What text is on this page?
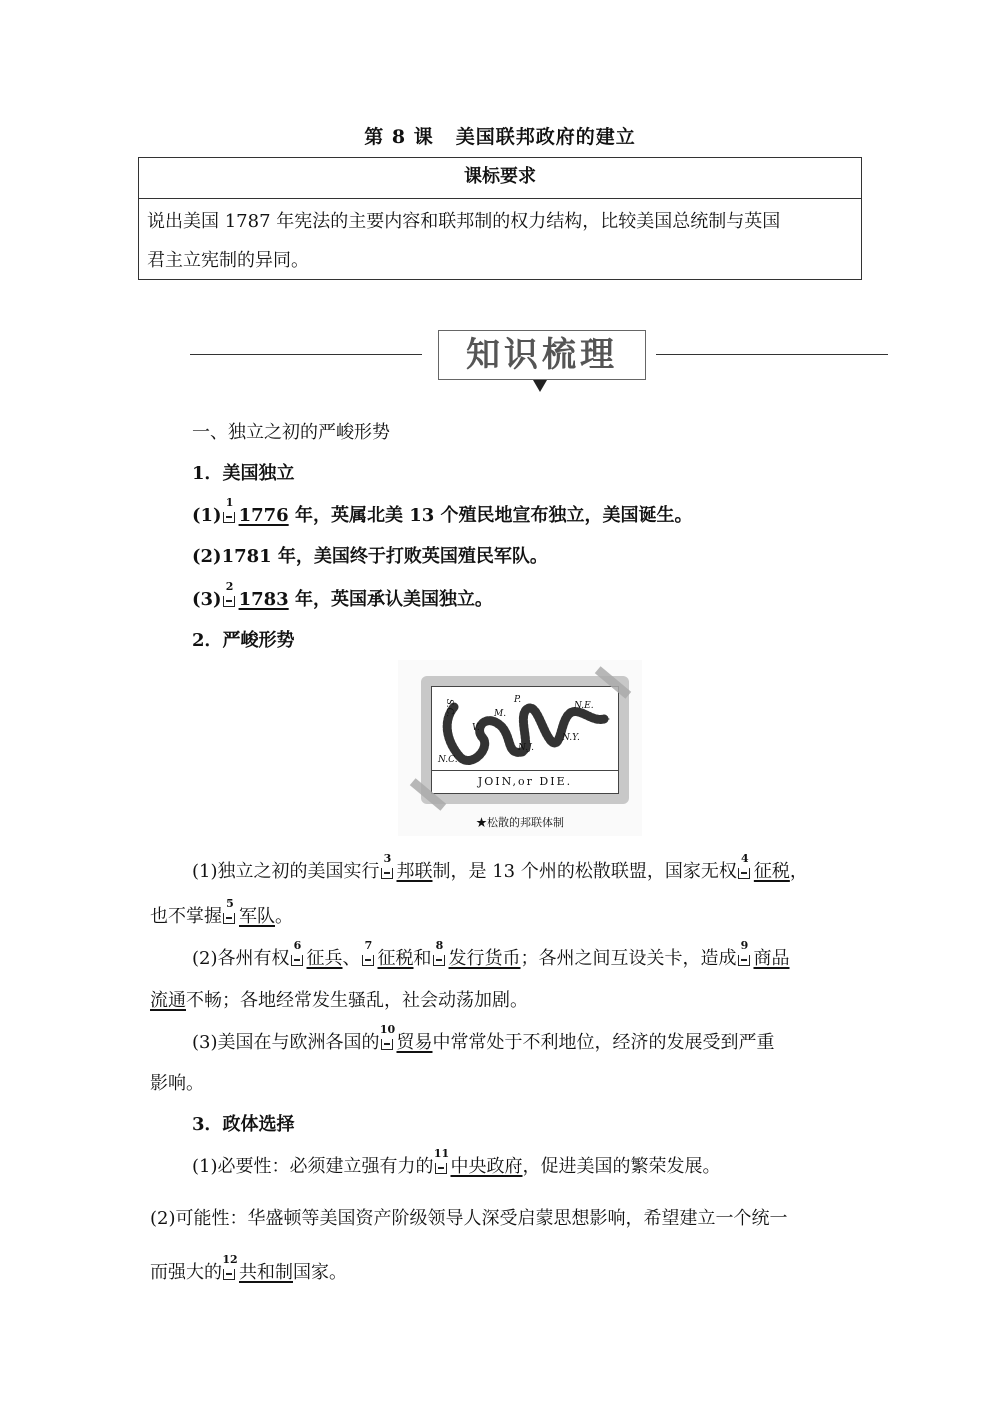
第 8 课 美国联邦政府的建立
课标要求
说出美国 1787 年宪法的主要内容和联邦制的权力结构，比较美国总统制与英国
君主立宪制的异同。
知识梳理
一、独立之初的严峻形势
1．美国独立
(1)
1
1776 年，英属北美 13 个殖民地宣布独立，美国诞生。
(2)1781 年，美国终于打败英国殖民军队。
(3)
2
1783 年，英国承认美国独立。
2．严峻形势
S.C.
N.C.
V.
M.
P.
N.J.
N.Y.
N.E.
JOIN,or DIE.
★松散的邦联体制
(1)独立之初的美国实行
3
邦联制，是 13 个州的松散联盟，国家无权
4
征税，
也不掌握
5
军队。
(2)各州有权
6
征兵、
7
征税和
8
发行货币；各州之间互设关卡，造成
9
商品
流通不畅；各地经常发生骚乱，社会动荡加剧。
(3)美国在与欧洲各国的
10
贸易中常常处于不利地位，经济的发展受到严重
影响。
3．政体选择
(1)必要性：必须建立强有力的
11
中央政府，促进美国的繁荣发展。
(2)可能性：华盛顿等美国资产阶级领导人深受启蒙思想影响，希望建立一个统一
而强大的
12
共和制国家。
